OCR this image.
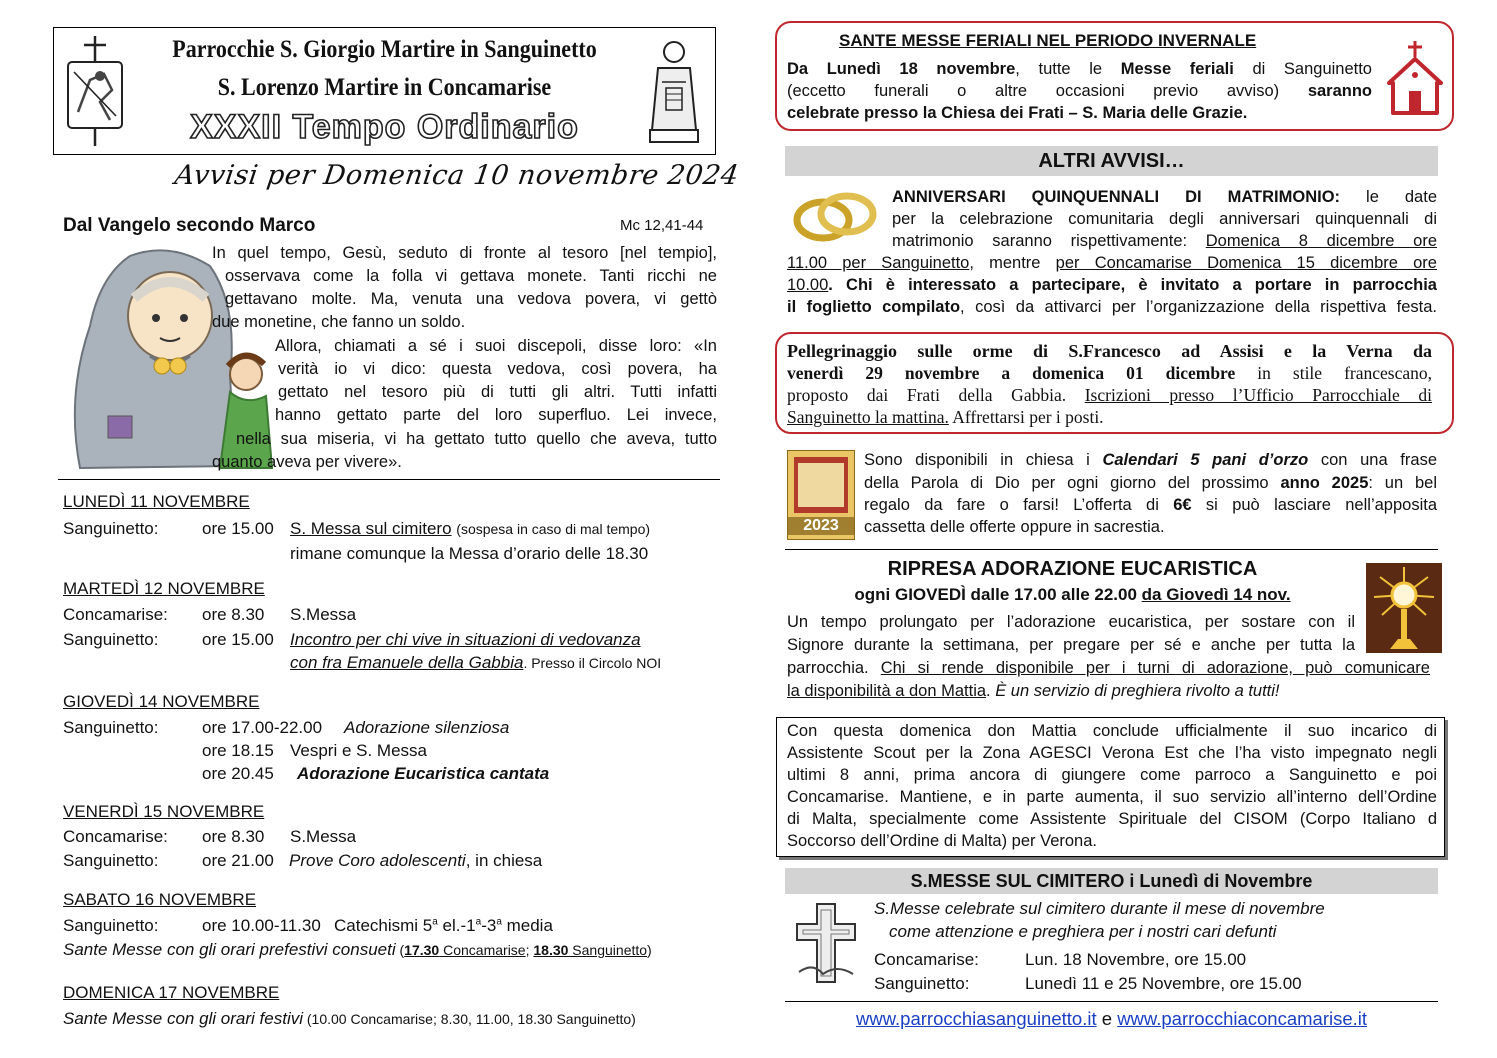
Parrocchie S. Giorgio Martire in Sanguinetto
S. Lorenzo Martire in Concamarise
XXXII Tempo Ordinario
Avvisi per Domenica 10 novembre 2024
Dal Vangelo secondo Marco	Mc 12,41-44
In quel tempo, Gesù, seduto di fronte al tesoro [nel tempio],
osservava come la folla vi gettava monete. Tanti ricchi ne
gettavano molte. Ma, venuta una vedova povera, vi gettò
due monetine, che fanno un soldo.
Allora, chiamati a sé i suoi discepoli, disse loro: «In
verità io vi dico: questa vedova, così povera, ha
gettato nel tesoro più di tutti gli altri. Tutti infatti
hanno gettato parte del loro superfluo. Lei invece,
nella sua miseria, vi ha gettato tutto quello che aveva, tutto
quanto aveva per vivere».
LUNEDÌ 11 NOVEMBRE
Sanguinetto:	ore 15.00 S. Messa sul cimitero (sospesa in caso di mal tempo)
rimane comunque la Messa d’orario delle 18.30
MARTEDÌ 12 NOVEMBRE
Concamarise: ore 8.30 S.Messa
Sanguinetto:	ore 15.00 Incontro per chi vive in situazioni di vedovanza
con fra Emanuele della Gabbia. Presso il Circolo NOI
GIOVEDÌ 14 NOVEMBRE
Sanguinetto:	ore 17.00-22.00 Adorazione silenziosa
ore 18.15 Vespri e S. Messa
ore 20.45 Adorazione Eucaristica cantata
VENERDÌ 15 NOVEMBRE
Concamarise: ore 8.30 S.Messa
Sanguinetto:	ore 21.00 Prove Coro adolescenti, in chiesa
SABATO 16 NOVEMBRE
Sanguinetto:	ore 10.00-11.30 Catechismi 5$^a$ el.-1$^a$-3$^a$ media
Sante Messe con gli orari prefestivi consueti (17.30 Concamarise; 18.30 Sanguinetto)
DOMENICA 17 NOVEMBRE
Sante Messe con gli orari festivi (10.00 Concamarise; 8.30, 11.00, 18.30 Sanguinetto)
SANTE MESSE FERIALI NEL PERIODO INVERNALE
Da Lunedì 18 novembre, tutte le Messe feriali di Sanguinetto
(eccetto funerali o altre occasioni previo avviso) saranno
celebrate presso la Chiesa dei Frati – S. Maria delle Grazie.
ALTRI AVVISI…
ANNIVERSARI QUINQUENNALI DI MATRIMONIO: le date
per la celebrazione comunitaria degli anniversari quinquennali di
matrimonio saranno rispettivamente: Domenica 8 dicembre ore
11.00 per Sanguinetto, mentre per Concamarise Domenica 15 dicembre ore
10.00. Chi è interessato a partecipare, è invitato a portare in parrocchia
il foglietto compilato, così da attivarci per l’organizzazione della rispettiva festa.
Pellegrinaggio sulle orme di S.Francesco ad Assisi e la Verna da
venerdì 29 novembre a domenica 01 dicembre in stile francescano,
proposto dai Frati della Gabbia. Iscrizioni presso l’Ufficio Parrocchiale di
Sanguinetto la mattina. Affrettarsi per i posti.
2023
Sono disponibili in chiesa i Calendari 5 pani d’orzo con una frase
della Parola di Dio per ogni giorno del prossimo anno 2025: un bel
regalo da fare o farsi! L’offerta di 6€ si può lasciare nell’apposita
cassetta delle offerte oppure in sacrestia.
RIPRESA ADORAZIONE EUCARISTICA
ogni GIOVEDÌ dalle 17.00 alle 22.00 da Giovedì 14 nov.
Un tempo prolungato per l’adorazione eucaristica, per sostare con il
Signore durante la settimana, per pregare per sé e anche per tutta la
parrocchia. Chi si rende disponibile per i turni di adorazione, può comunicare
la disponibilità a don Mattia. È un servizio di preghiera rivolto a tutti!
Con questa domenica don Mattia conclude ufficialmente il suo incarico di
Assistente Scout per la Zona AGESCI Verona Est che l’ha visto impegnato negli
ultimi 8 anni, prima ancora di giungere come parroco a Sanguinetto e poi
Concamarise. Mantiene, e in parte aumenta, il suo servizio all’interno dell’Ordine
di Malta, specialmente come Assistente Spirituale del CISOM (Corpo Italiano d
Soccorso dell’Ordine di Malta) per Verona.
S.MESSE SUL CIMITERO i Lunedì di Novembre
S.Messe celebrate sul cimitero durante il mese di novembre
come attenzione e preghiera per i nostri cari defunti
Concamarise:	Lun. 18 Novembre, ore 15.00
Sanguinetto:	Lunedì 11 e 25 Novembre, ore 15.00
www.parrocchiasanguinetto.it e www.parrocchiaconcamarise.it
